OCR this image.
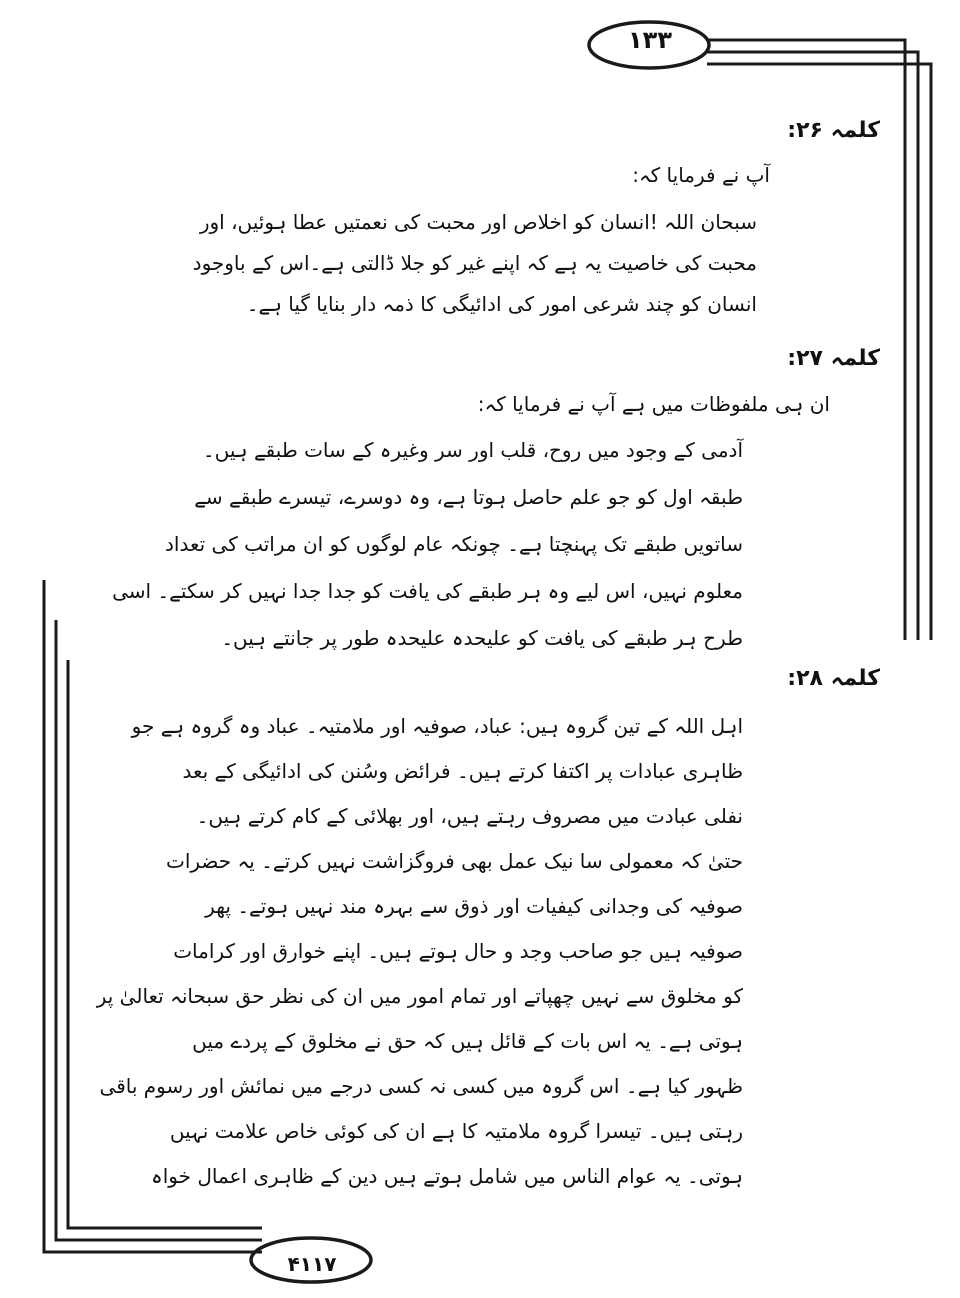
۱۳۳
۴۱۱۷
کلمہ ۲۶:
آپ نے فرمایا کہ:
سبحان اللہ !انسان کو اخلاص اور محبت کی نعمتیں عطا ہوئیں، اور
محبت کی خاصیت یہ ہے کہ اپنے غیر کو جلا ڈالتی ہے۔اس کے باوجود
انسان کو چند شرعی امور کی ادائیگی کا ذمہ دار بنایا گیا ہے۔
کلمہ ۲۷:
ان ہی ملفوظات میں ہے آپ نے فرمایا کہ:
آدمی کے وجود میں روح، قلب اور سر وغیرہ کے سات طبقے ہیں۔
طبقہ اول کو جو علم حاصل ہوتا ہے، وہ دوسرے، تیسرے طبقے سے
ساتویں طبقے تک پہنچتا ہے۔ چونکہ عام لوگوں کو ان مراتب کی تعداد
معلوم نہیں، اس لیے وہ ہر طبقے کی یافت کو جدا جدا نہیں کر سکتے۔ اسی
طرح ہر طبقے کی یافت کو علیحدہ علیحدہ طور پر جانتے ہیں۔
کلمہ ۲۸:
اہل اللہ کے تین گروہ ہیں: عباد، صوفیہ اور ملامتیہ۔ عباد وہ گروہ ہے جو
ظاہری عبادات پر اکتفا کرتے ہیں۔ فرائض وسُنن کی ادائیگی کے بعد
نفلی عبادت میں مصروف رہتے ہیں، اور بھلائی کے کام کرتے ہیں۔
حتیٰ کہ معمولی سا نیک عمل بھی فروگزاشت نہیں کرتے۔ یہ حضرات
صوفیہ کی وجدانی کیفیات اور ذوق سے بہرہ مند نہیں ہوتے۔ پھر
صوفیہ ہیں جو صاحب وجد و حال ہوتے ہیں۔ اپنے خوارق اور کرامات
کو مخلوق سے نہیں چھپاتے اور تمام امور میں ان کی نظر حق سبحانہ تعالیٰ پر
ہوتی ہے۔ یہ اس بات کے قائل ہیں کہ حق نے مخلوق کے پردے میں
ظہور کیا ہے۔ اس گروہ میں کسی نہ کسی درجے میں نمائش اور رسوم باقی
رہتی ہیں۔ تیسرا گروہ ملامتیہ کا ہے ان کی کوئی خاص علامت نہیں
ہوتی۔ یہ عوام الناس میں شامل ہوتے ہیں دین کے ظاہری اعمال خواہ
